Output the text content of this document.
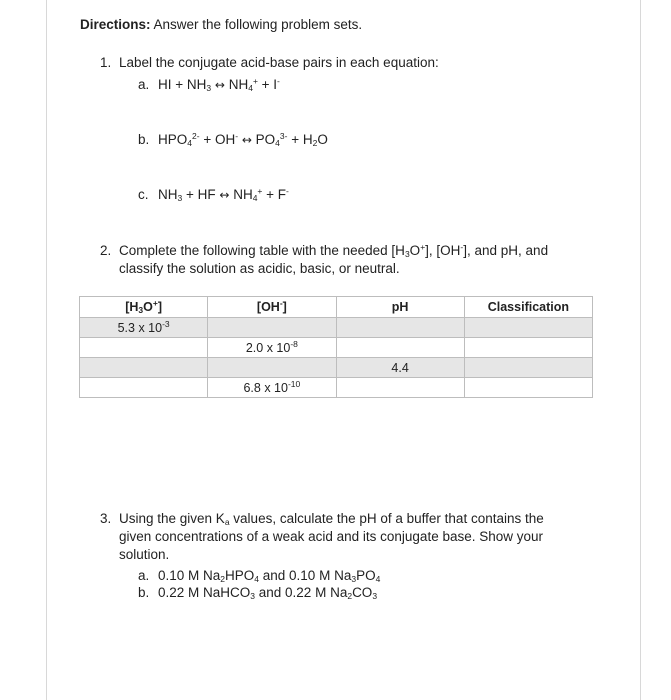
Directions: Answer the following problem sets.
1. Label the conjugate acid-base pairs in each equation:
a. HI + $NH_3$ ↔ $NH_4^+ + I^-$
b. $HPO_4^{2-} + OH^-$ ↔ $PO_4^{3-} + H_2O$
c. $NH_3$ + HF ↔ $NH_4^+ + F^-$
2. Complete the following table with the needed $[H_3O^+]$, [OH-], and pH, and
classify the solution as acidic, basic, or neutral.
$[H_3O^+]$	[OH-]	pH	Classification
5.3 x $10^{-3}$			
	2.0 x $10^{-8}$		
		4.4	
	6.8 x $10^{-10}$		
3. Using the given $K_a$ values, calculate the pH of a buffer that contains the
given concentrations of a weak acid and its conjugate base. Show your
solution.
a. 0.10 M $Na_2HPO_4$ and 0.10 M $Na_3PO_4$
b. 0.22 M NaHCO$_3$ and 0.22 M $Na_2CO_3$
